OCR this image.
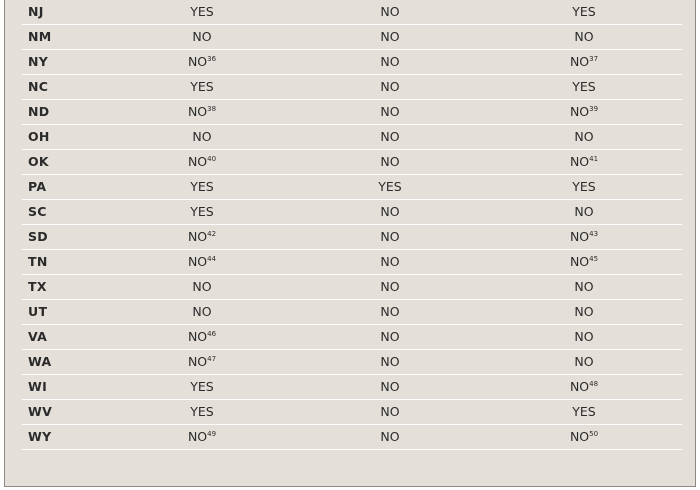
NJ	YES	NO	YES
NM	NO	NO	NO
NY	NO$^{36}$	NO	NO$^{37}$
NC	YES	NO	YES
ND	NO$^{38}$	NO	NO$^{39}$
OH	NO	NO	NO
OK	NO$^{40}$	NO	NO$^{41}$
PA	YES	YES	YES
SC	YES	NO	NO
SD	NO$^{42}$	NO	NO$^{43}$
TN	NO$^{44}$	NO	NO$^{45}$
TX	NO	NO	NO
UT	NO	NO	NO
VA	NO$^{46}$	NO	NO
WA	NO$^{47}$	NO	NO
WI	YES	NO	NO$^{48}$
WV	YES	NO	YES
WY	NO$^{49}$	NO	NO$^{50}$
